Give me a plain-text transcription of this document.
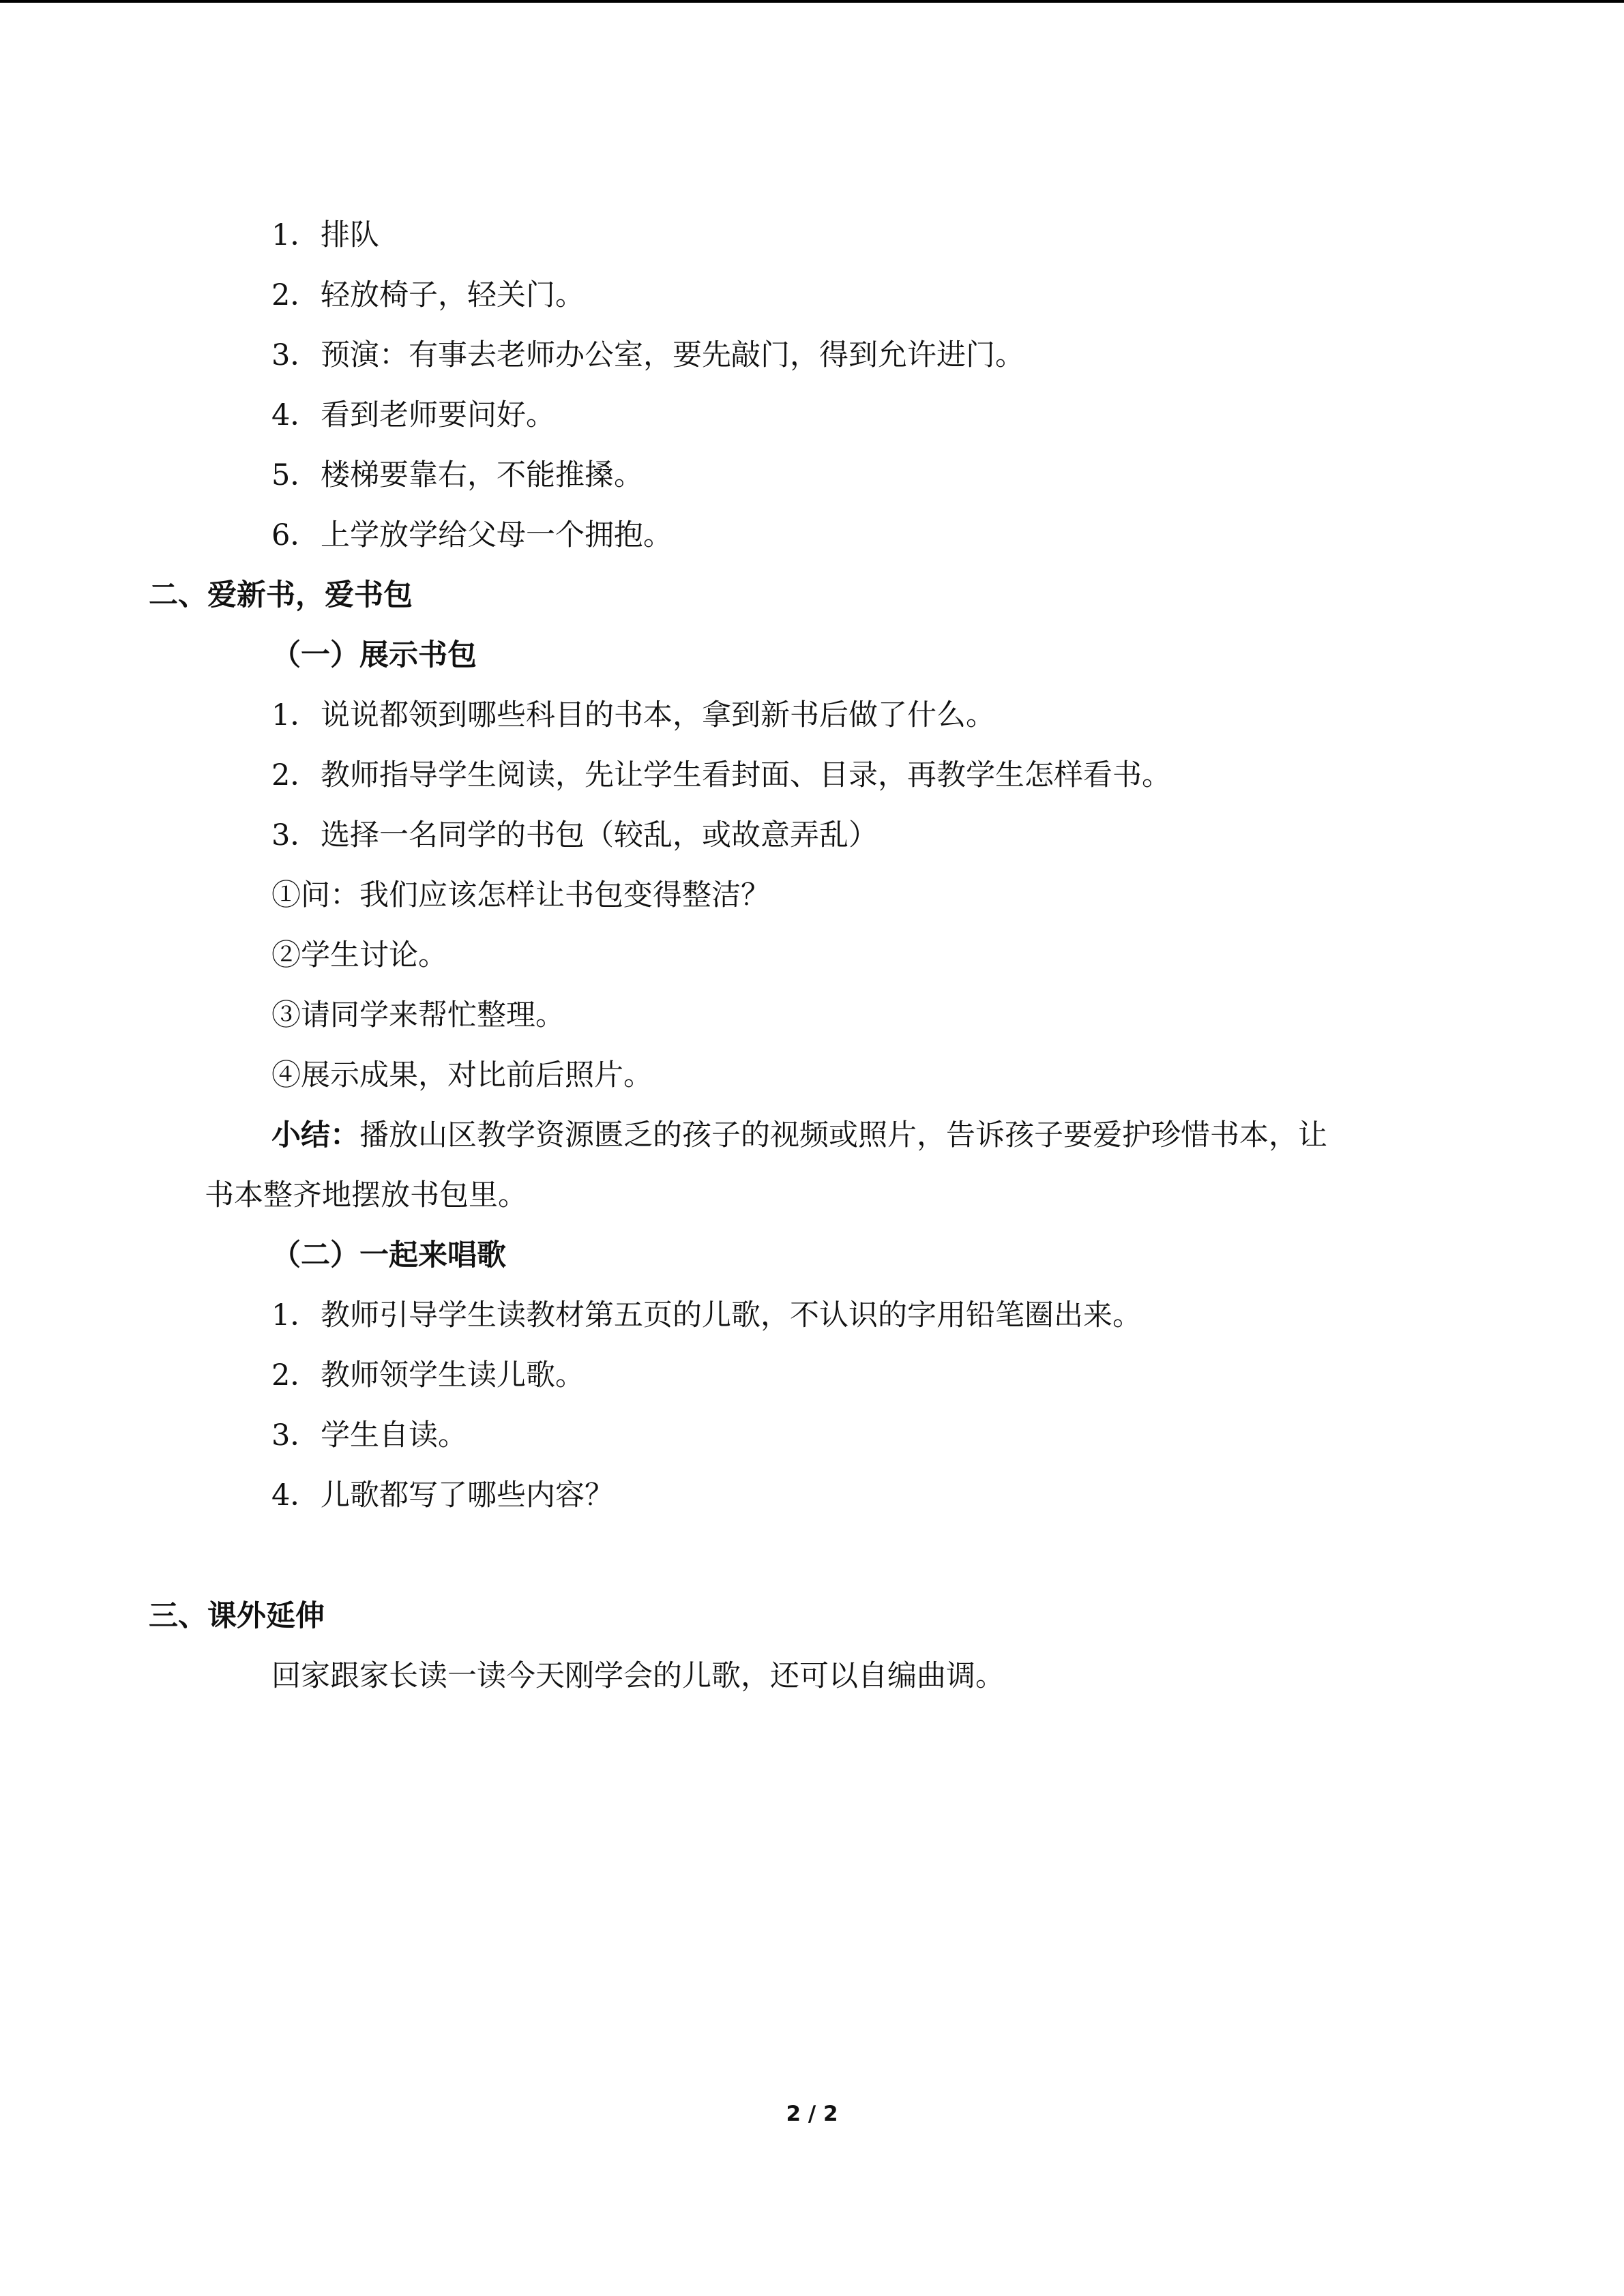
1．排队
2．轻放椅子，轻关门。
3．预演：有事去老师办公室，要先敲门，得到允许进门。
4．看到老师要问好。
5．楼梯要靠右，不能推搡。
6．上学放学给父母一个拥抱。
二、爱新书，爱书包
（一）展示书包
1．说说都领到哪些科目的书本，拿到新书后做了什么。
2．教师指导学生阅读，先让学生看封面、目录，再教学生怎样看书。
3．选择一名同学的书包（较乱，或故意弄乱）
①问：我们应该怎样让书包变得整洁？
②学生讨论。
③请同学来帮忙整理。
④展示成果，对比前后照片。
小结：播放山区教学资源匮乏的孩子的视频或照片，告诉孩子要爱护珍惜书本，让
书本整齐地摆放书包里。
（二）一起来唱歌
1．教师引导学生读教材第五页的儿歌，不认识的字用铅笔圈出来。
2．教师领学生读儿歌。
3．学生自读。
4．儿歌都写了哪些内容？
三、课外延伸
回家跟家长读一读今天刚学会的儿歌，还可以自编曲调。
2 / 2
